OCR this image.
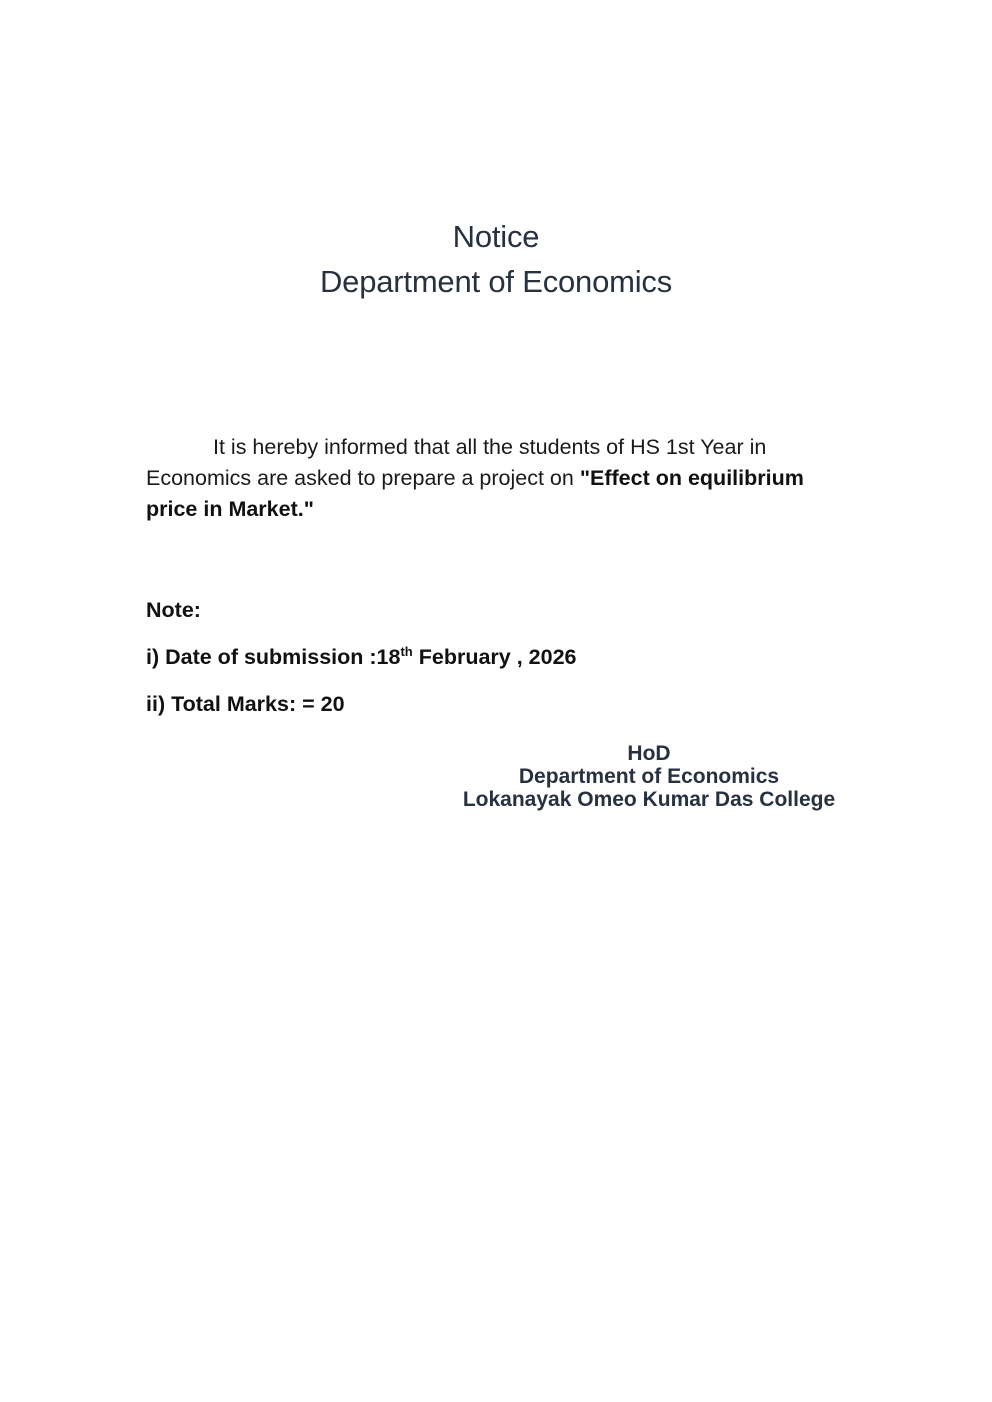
Notice
Department of Economics

It is hereby informed that all the students of HS 1st Year in Economics are asked to prepare a project on "Effect on equilibrium price in Market."

Note:
i) Date of submission :18th February , 2026
ii) Total Marks: = 20
HoD
Department of Economics
Lokanayak Omeo Kumar Das College
